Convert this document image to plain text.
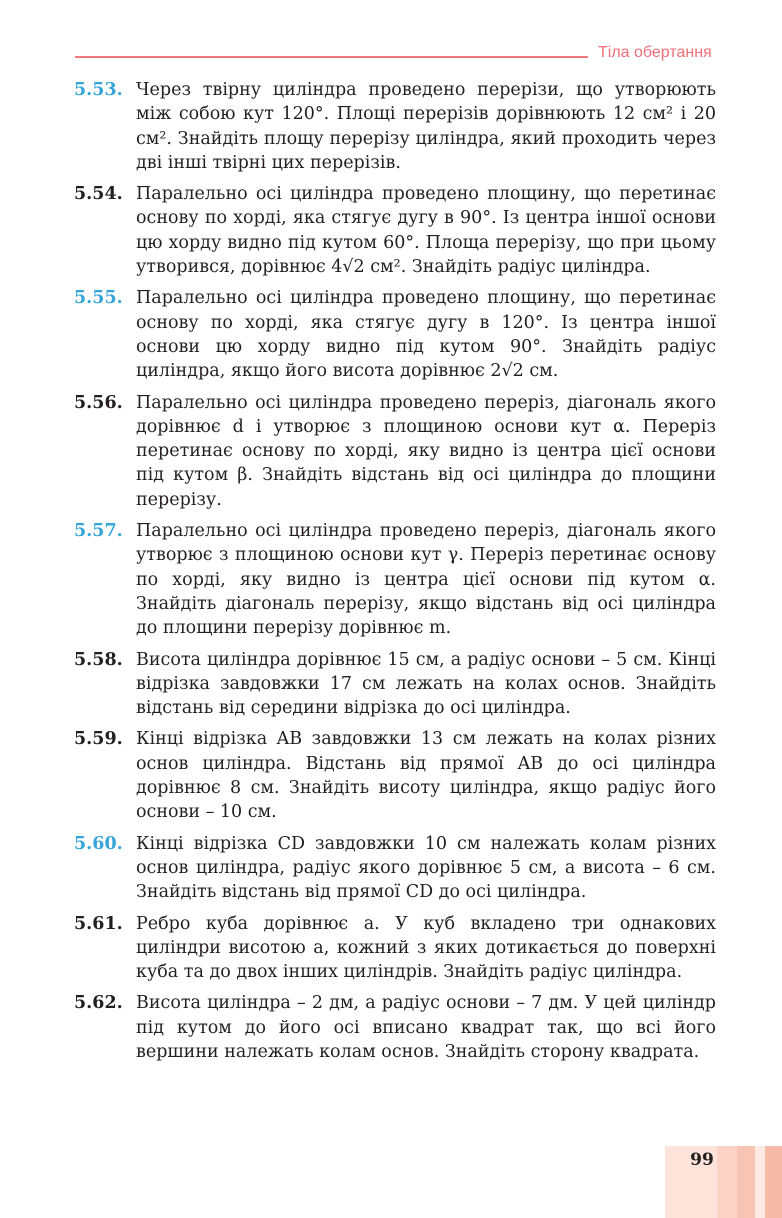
Тіла обертання
5.53. Через твірну циліндра проведено перерізи, що утворюють між собою кут 120°. Площі перерізів дорівнюють 12 см² і 20 см². Знайдіть площу перерізу циліндра, який проходить через дві інші твірні цих перерізів.
5.54. Паралельно осі циліндра проведено площину, що перетинає основу по хорді, яка стягує дугу в 90°. Із центра іншої основи цю хорду видно під кутом 60°. Площа перерізу, що при цьому утворився, дорівнює 4√2 см². Знайдіть радіус циліндра.
5.55. Паралельно осі циліндра проведено площину, що перетинає основу по хорді, яка стягує дугу в 120°. Із центра іншої основи цю хорду видно під кутом 90°. Знайдіть радіус циліндра, якщо його висота дорівнює 2√2 см.
5.56. Паралельно осі циліндра проведено переріз, діагональ якого дорівнює d і утворює з площиною основи кут α. Переріз перетинає основу по хорді, яку видно із центра цієї основи під кутом β. Знайдіть відстань від осі циліндра до площини перерізу.
5.57. Паралельно осі циліндра проведено переріз, діагональ якого утворює з площиною основи кут γ. Переріз перетинає основу по хорді, яку видно із центра цієї основи під кутом α. Знайдіть діагональ перерізу, якщо відстань від осі циліндра до площини перерізу дорівнює m.
5.58. Висота циліндра дорівнює 15 см, а радіус основи – 5 см. Кінці відрізка завдовжки 17 см лежать на колах основ. Знайдіть відстань від середини відрізка до осі циліндра.
5.59. Кінці відрізка AB завдовжки 13 см лежать на колах різних основ циліндра. Відстань від прямої AB до осі циліндра дорівнює 8 см. Знайдіть висоту циліндра, якщо радіус його основи – 10 см.
5.60. Кінці відрізка CD завдовжки 10 см належать колам різних основ циліндра, радіус якого дорівнює 5 см, а висота – 6 см. Знайдіть відстань від прямої CD до осі циліндра.
5.61. Ребро куба дорівнює a. У куб вкладено три однакових циліндри висотою a, кожний з яких дотикається до поверхні куба та до двох інших циліндрів. Знайдіть радіус циліндра.
5.62. Висота циліндра – 2 дм, а радіус основи – 7 дм. У цей циліндр під кутом до його осі вписано квадрат так, що всі його вершини належать колам основ. Знайдіть сторону квадрата.
99
